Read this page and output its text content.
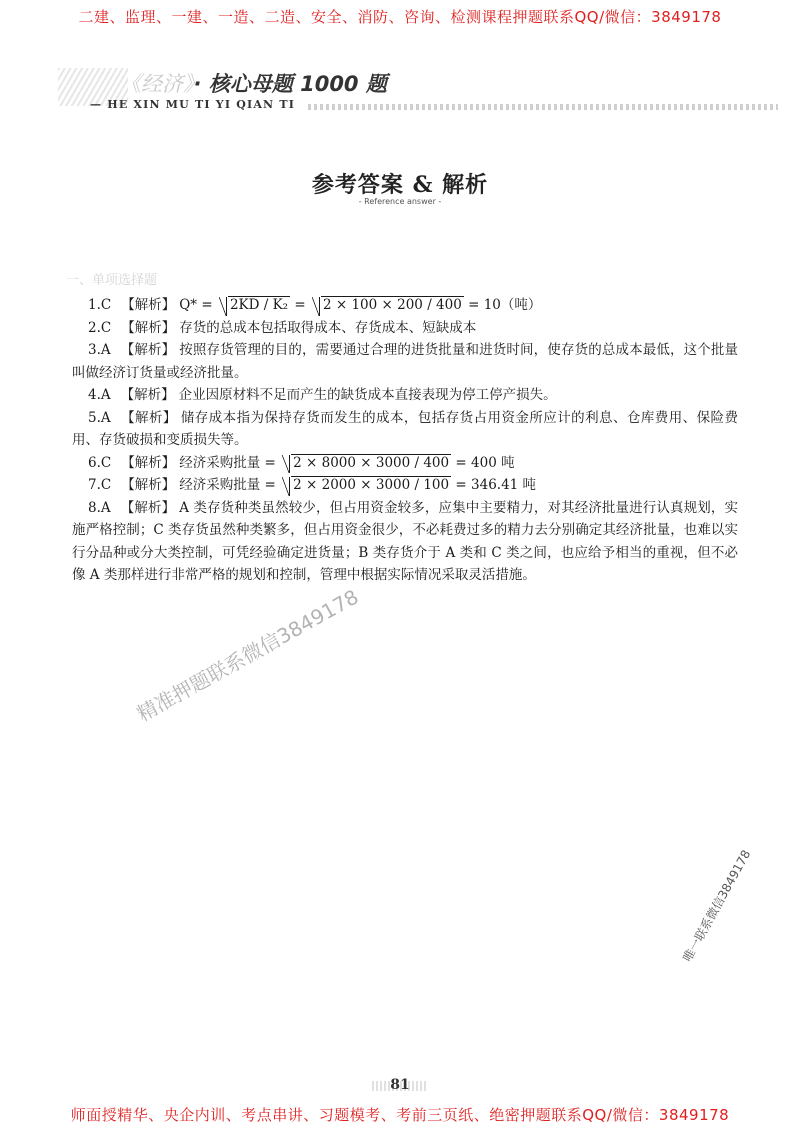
二建、监理、一建、一造、二造、安全、消防、咨询、检测课程押题联系QQ/微信：3849178
《经济》· 核心母题 1000 题
— HE XIN MU TI YI QIAN TI
参考答案 & 解析
- Reference answer -
一、单项选择题

1.C 【解析】 Q* = 2KD / K₂ = 2 × 100 × 200 / 400 = 10（吨）

2.C 【解析】 存货的总成本包括取得成本、存货成本、短缺成本

3.A 【解析】 按照存货管理的目的，需要通过合理的进货批量和进货时间，使存货的总成本最低，这个批量叫做经济订货量或经济批量。

4.A 【解析】 企业因原材料不足而产生的缺货成本直接表现为停工停产损失。

5.A 【解析】 储存成本指为保持存货而发生的成本，包括存货占用资金所应计的利息、仓库费用、保险费用、存货破损和变质损失等。

6.C 【解析】 经济采购批量 = 2 × 8000 × 3000 / 400 = 400 吨

7.C 【解析】 经济采购批量 = 2 × 2000 × 3000 / 100 = 346.41 吨

8.A 【解析】 A 类存货种类虽然较少，但占用资金较多，应集中主要精力，对其经济批量进行认真规划，实施严格控制；C 类存货虽然种类繁多，但占用资金很少，不必耗费过多的精力去分别确定其经济批量，也难以实行分品种或分大类控制，可凭经验确定进货量；B 类存货介于 A 类和 C 类之间，也应给予相当的重视，但不必像 A 类那样进行非常严格的规划和控制，管理中根据实际情况采取灵活措施。

精准押题联系微信3849178
唯一联系微信3849178
81
师面授精华、央企内训、考点串讲、习题模考、考前三页纸、绝密押题联系QQ/微信：3849178
